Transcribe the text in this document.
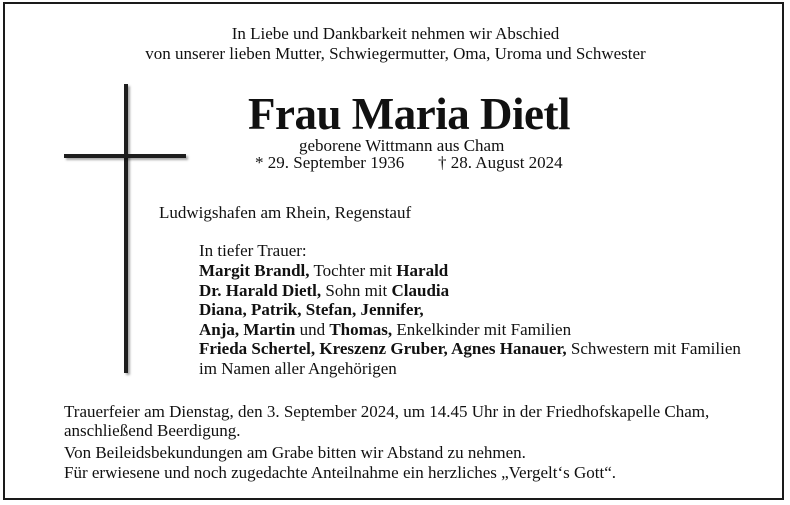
In Liebe und Dankbarkeit nehmen wir Abschied
von unserer lieben Mutter, Schwiegermutter, Oma, Uroma und Schwester
Frau Maria Dietl
geborene Wittmann aus Cham
* 29. September 1936 † 28. August 2024
Ludwigshafen am Rhein, Regenstauf
In tiefer Trauer:
Margit Brandl, Tochter mit Harald
Dr. Harald Dietl, Sohn mit Claudia
Diana, Patrik, Stefan, Jennifer,
Anja, Martin und Thomas, Enkelkinder mit Familien
Frieda Schertel, Kreszenz Gruber, Agnes Hanauer, Schwestern mit Familien
im Namen aller Angehörigen
Trauerfeier am Dienstag, den 3. September 2024, um 14.45 Uhr in der Friedhofskapelle Cham,
anschließend Beerdigung.
Von Beileidsbekundungen am Grabe bitten wir Abstand zu nehmen.
Für erwiesene und noch zugedachte Anteilnahme ein herzliches „Vergelt‘s Gott“.
